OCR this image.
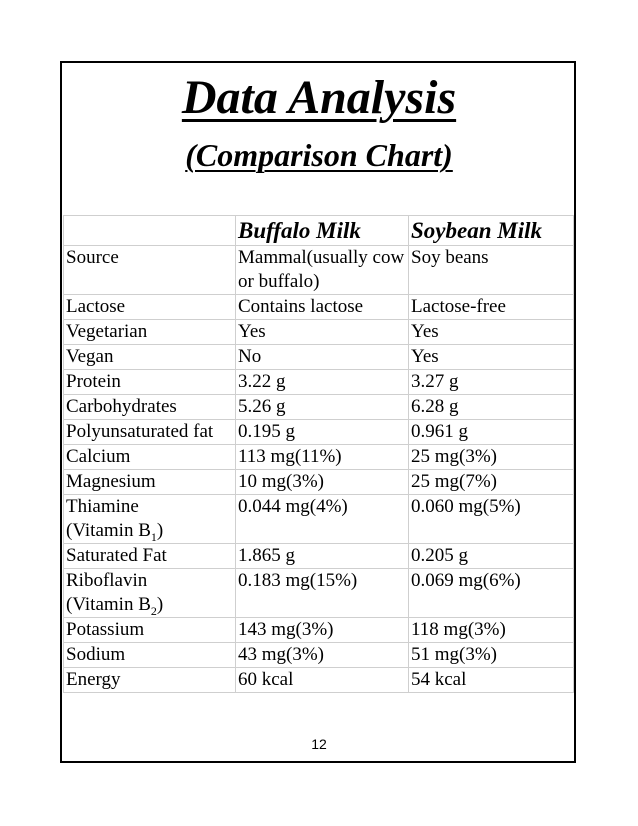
Data Analysis
(Comparison Chart)
	Buffalo Milk	Soybean Milk
Source	Mammal(usually cow or buffalo)	Soy beans
Lactose	Contains lactose	Lactose-free
Vegetarian	Yes	Yes
Vegan	No	Yes
Protein	3.22 g	3.27 g
Carbohydrates	5.26 g	6.28 g
Polyunsaturated fat	0.195 g	0.961 g
Calcium	113 mg(11%)	25 mg(3%)
Magnesium	10 mg(3%)	25 mg(7%)
Thiamine
(Vitamin $B_1$)	0.044 mg(4%)	0.060 mg(5%)
Saturated Fat	1.865 g	0.205 g
Riboflavin
(Vitamin $B_2$)	0.183 mg(15%)	0.069 mg(6%)
Potassium	143 mg(3%)	118 mg(3%)
Sodium	43 mg(3%)	51 mg(3%)
Energy	60 kcal	54 kcal
12
